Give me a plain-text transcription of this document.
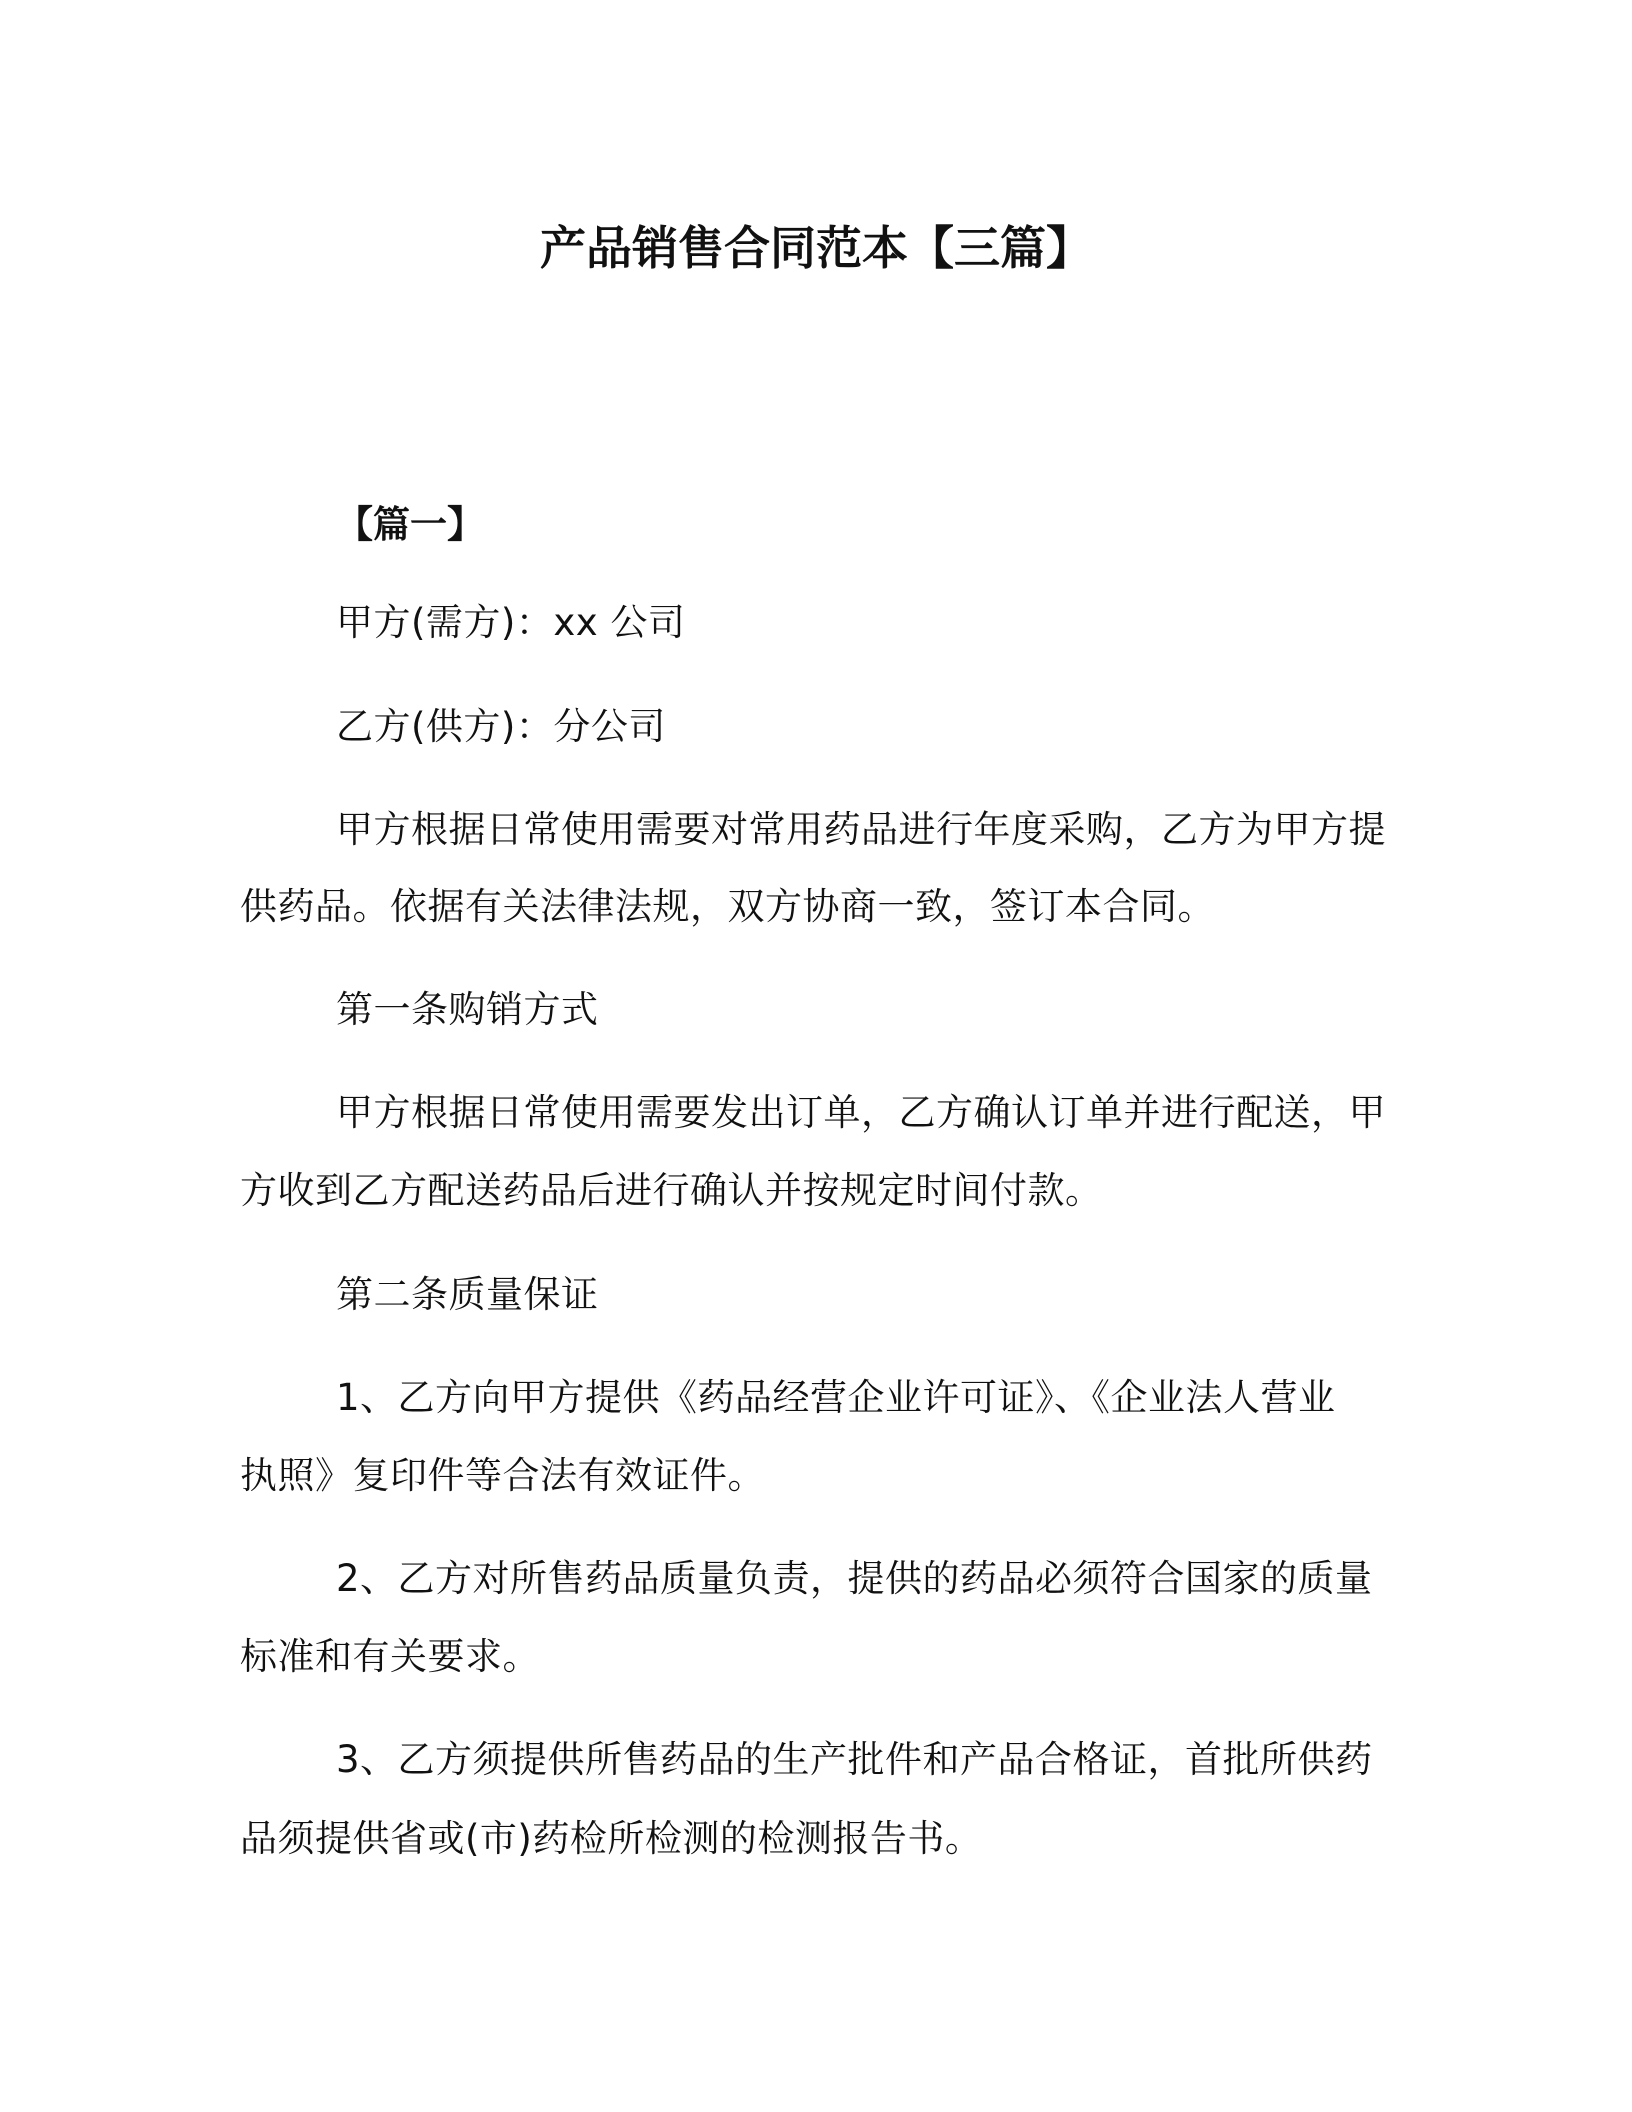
产品销售合同范本【三篇】
【篇一】
甲方(需方)：xx 公司
乙方(供方)：分公司
甲方根据日常使用需要对常用药品进行年度采购，乙方为甲方提
供药品。依据有关法律法规，双方协商一致，签订本合同。
第一条购销方式
甲方根据日常使用需要发出订单，乙方确认订单并进行配送，甲
方收到乙方配送药品后进行确认并按规定时间付款。
第二条质量保证
1、乙方向甲方提供《药品经营企业许可证》、《企业法人营业
执照》复印件等合法有效证件。
2、乙方对所售药品质量负责，提供的药品必须符合国家的质量
标准和有关要求。
3、乙方须提供所售药品的生产批件和产品合格证，首批所供药
品须提供省或(市)药检所检测的检测报告书。
